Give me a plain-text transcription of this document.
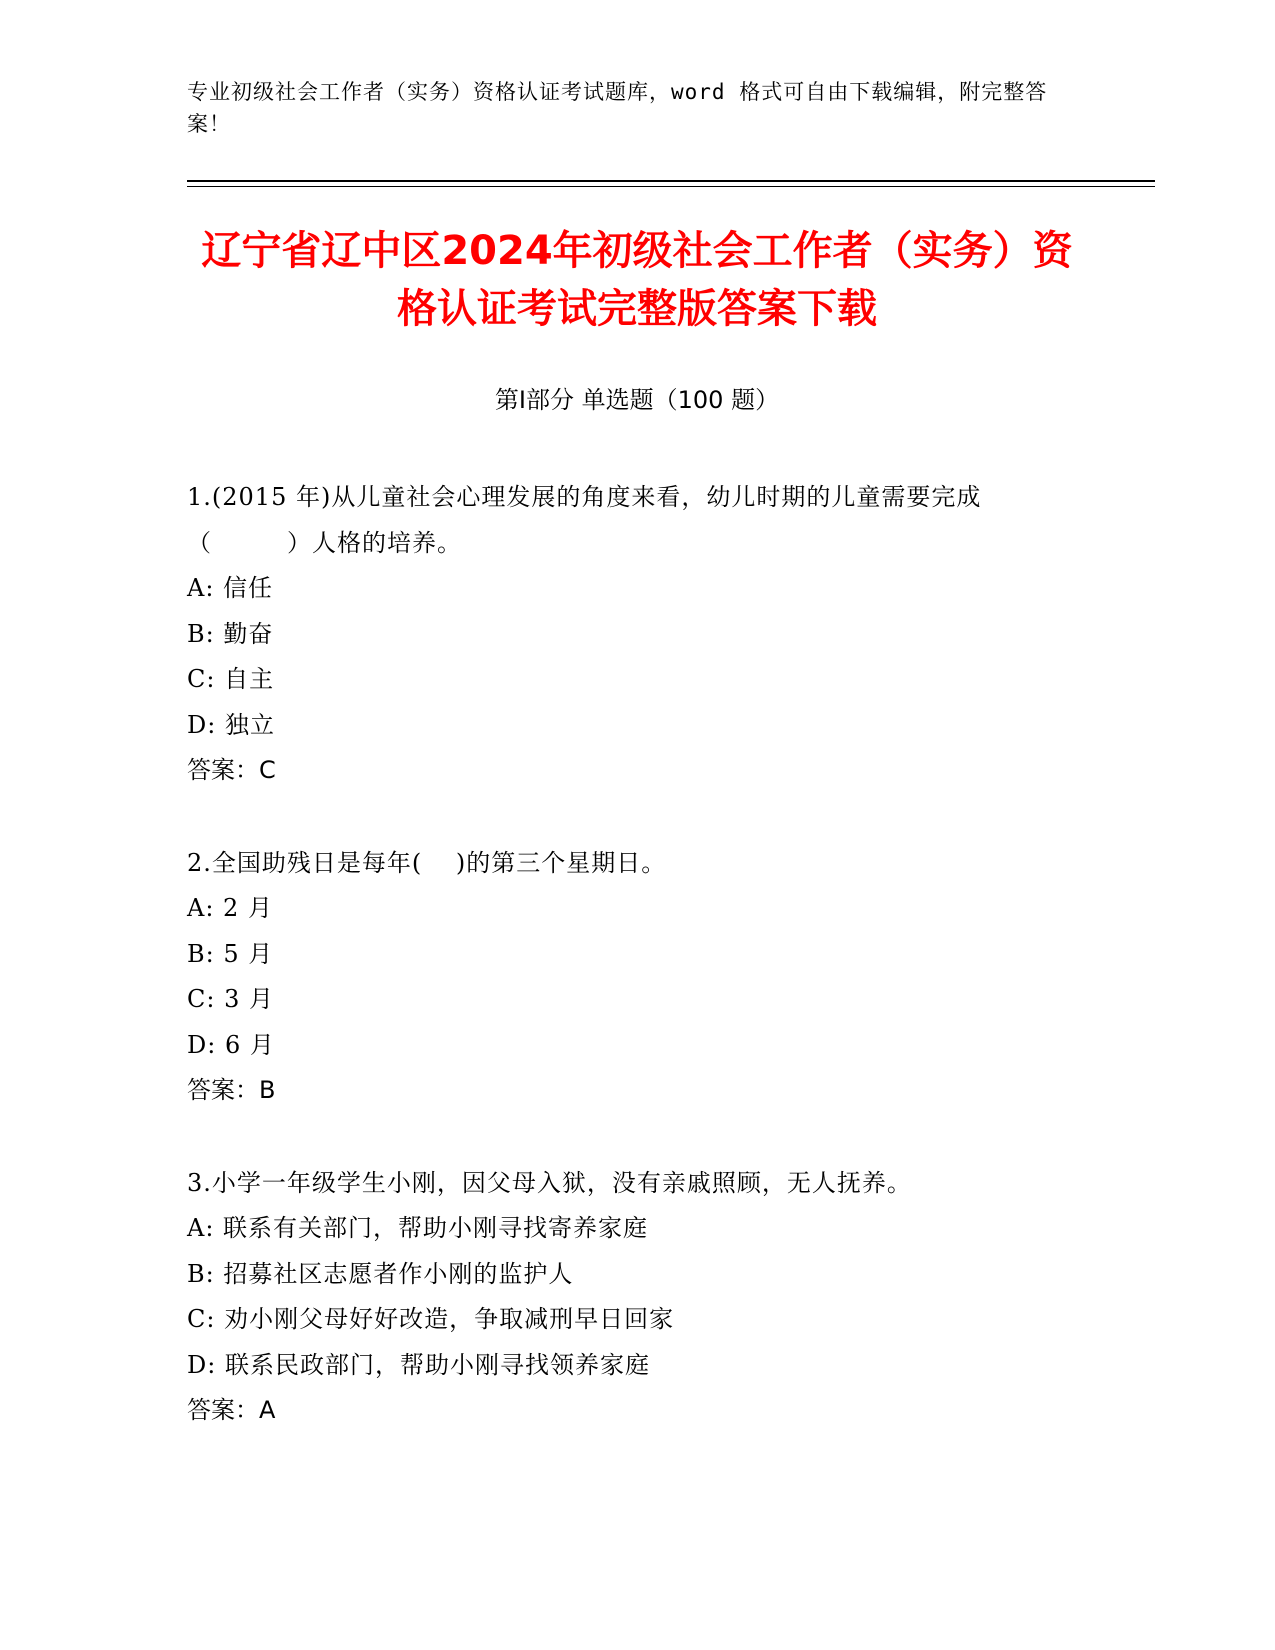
专业初级社会工作者（实务）资格认证考试题库，word 格式可自由下载编辑，附完整答案！
辽宁省辽中区2024年初级社会工作者（实务）资格认证考试完整版答案下载
第Ⅰ部分 单选题（100 题）
1.(2015 年)从儿童社会心理发展的角度来看，幼儿时期的儿童需要完成（　　　）人格的培养。
A: 信任
B: 勤奋
C: 自主
D: 独立
答案：C
2.全国助残日是每年(　 )的第三个星期日。
A: 2 月
B: 5 月
C: 3 月
D: 6 月
答案：B
3.小学一年级学生小刚，因父母入狱，没有亲戚照顾，无人抚养。
A: 联系有关部门，帮助小刚寻找寄养家庭
B: 招募社区志愿者作小刚的监护人
C: 劝小刚父母好好改造，争取减刑早日回家
D: 联系民政部门，帮助小刚寻找领养家庭
答案：A
